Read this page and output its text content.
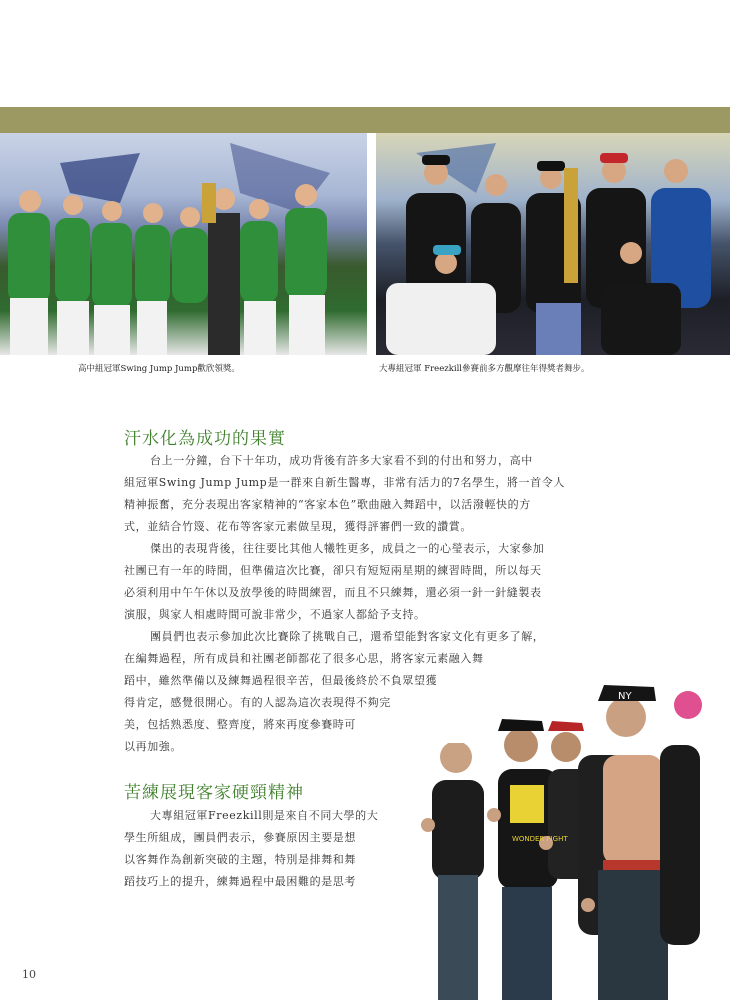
高中組冠軍Swing Jump Jump歡欣領獎。	大專組冠軍 Freezkill參賽前多方觀摩往年得獎者舞步。
汗水化為成功的果實
台上一分鐘，台下十年功，成功背後有許多大家看不到的付出和努力，高中
組冠軍Swing Jump Jump是一群來自新生醫專，非常有活力的7名學生，將一首令人
精神振奮，充分表現出客家精神的“客家本色”歌曲融入舞蹈中，以活潑輕快的方
式，並結合竹篾、花布等客家元素做呈現，獲得評審們一致的讚賞。
傑出的表現背後，往往要比其他人犧牲更多，成員之一的心瑩表示，大家參加
社團已有一年的時間，但準備這次比賽，卻只有短短兩星期的練習時間，所以每天
必須利用中午午休以及放學後的時間練習，而且不只練舞，還必須一針一針縫製表
演服，與家人相處時間可說非常少，不過家人都給予支持。
團員們也表示參加此次比賽除了挑戰自己，還希望能對客家文化有更多了解，
在編舞過程，所有成員和社團老師都花了很多心思，將客家元素融入舞
蹈中，雖然準備以及練舞過程很辛苦，但最後終於不負眾望獲
得肯定，感覺很開心。有的人認為這次表現得不夠完
美，包括熟悉度、整齊度，將來再度參賽時可
以再加強。
苦練展現客家硬頸精神
大專組冠軍Freezkill則是來自不同大學的大
學生所組成，團員們表示，參賽原因主要是想
以客舞作為創新突破的主題，特別是排舞和舞
蹈技巧上的提升，練舞過程中最困難的是思考
NY
WONDER FIGHT
10
